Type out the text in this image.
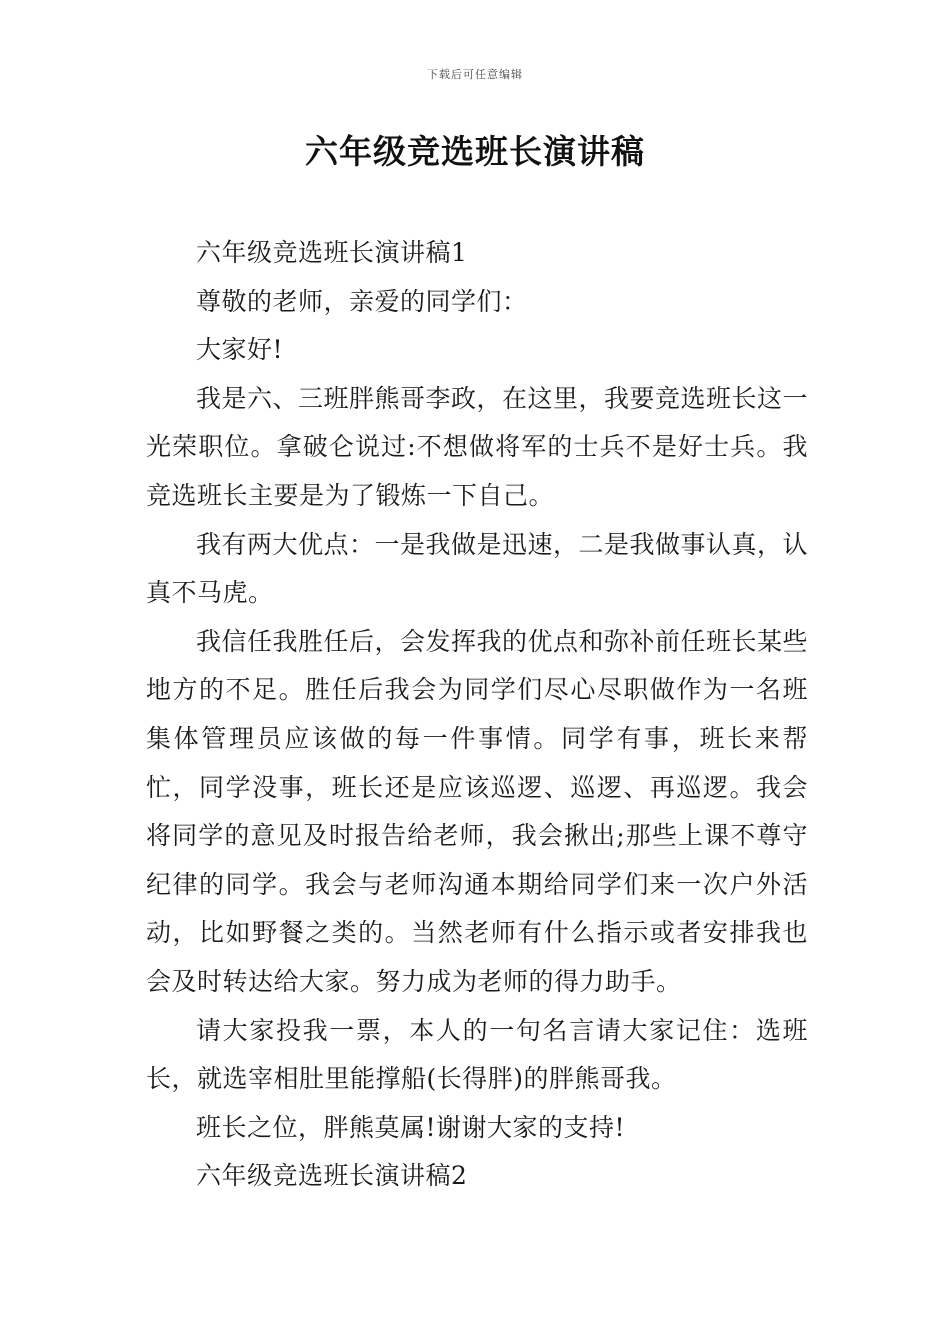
下载后可任意编辑
六年级竞选班长演讲稿

六年级竞选班长演讲稿1

尊敬的老师，亲爱的同学们：

大家好!

我是六、三班胖熊哥李政，在这里，我要竞选班长这一光荣职位。拿破仑说过:不想做将军的士兵不是好士兵。我竞选班长主要是为了锻炼一下自己。

我有两大优点：一是我做是迅速，二是我做事认真，认真不马虎。

我信任我胜任后，会发挥我的优点和弥补前任班长某些地方的不足。胜任后我会为同学们尽心尽职做作为一名班集体管理员应该做的每一件事情。同学有事，班长来帮忙，同学没事，班长还是应该巡逻、巡逻、再巡逻。我会将同学的意见及时报告给老师，我会揪出;那些上课不尊守纪律的同学。我会与老师沟通本期给同学们来一次户外活动，比如野餐之类的。当然老师有什么指示或者安排我也会及时转达给大家。努力成为老师的得力助手。

请大家投我一票，本人的一句名言请大家记住：选班长，就选宰相肚里能撑船(长得胖)的胖熊哥我。

班长之位，胖熊莫属!谢谢大家的支持!

六年级竞选班长演讲稿2
